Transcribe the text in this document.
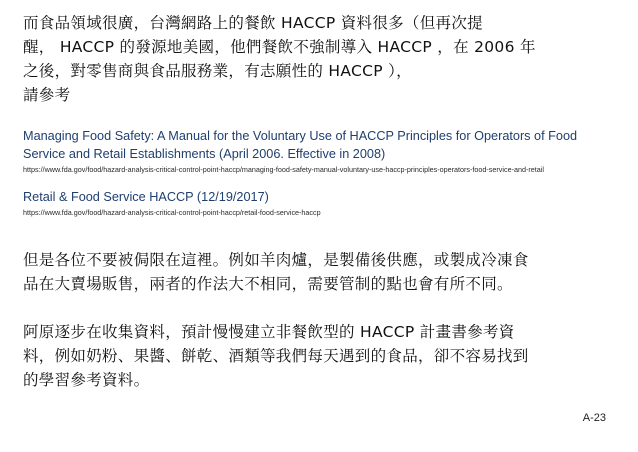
而食品領域很廣，台灣網路上的餐飲 HACCP 資料很多（但再次提
醒， HACCP 的發源地美國，他們餐飲不強制導入 HACCP ，在 2006 年
之後，對零售商與食品服務業，有志願性的 HACCP ），
請參考
Managing Food Safety: A Manual for the Voluntary Use of HACCP Principles for Operators of Food Service and Retail Establishments (April 2006. Effective in 2008)
https://www.fda.gov/food/hazard-analysis-critical-control-point-haccp/managing-food-safety-manual-voluntary-use-haccp-principles-operators-food-service-and-retail
Retail & Food Service HACCP (12/19/2017)
https://www.fda.gov/food/hazard-analysis-critical-control-point-haccp/retail-food-service-haccp
但是各位不要被侷限在這裡。例如羊肉爐，是製備後供應，或製成冷凍食
品在大賣場販售，兩者的作法大不相同，需要管制的點也會有所不同。
阿原逐步在收集資料，預計慢慢建立非餐飲型的 HACCP 計畫書參考資
料，例如奶粉、果醬、餅乾、酒類等我們每天遇到的食品，卻不容易找到
的學習參考資料。
A-23
